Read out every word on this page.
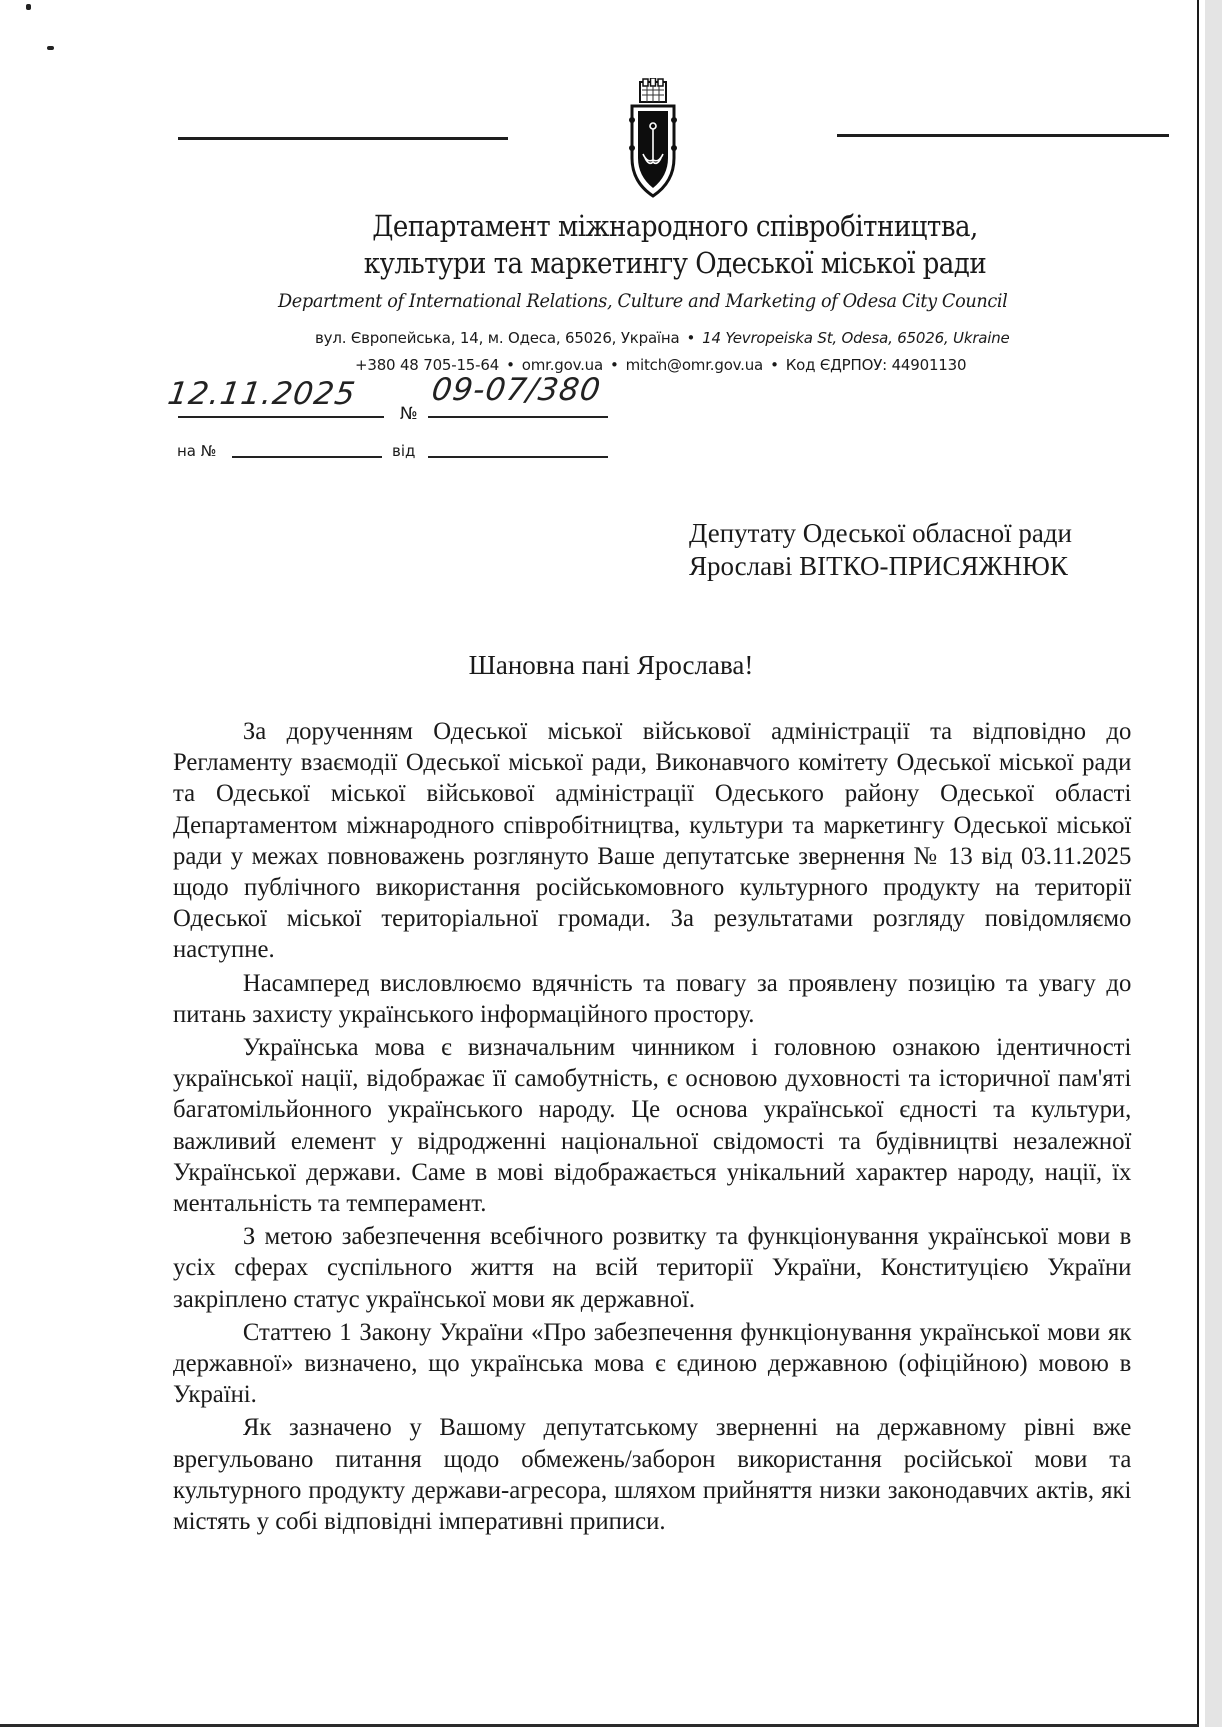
Департамент міжнародного співробітництва,
культури та маркетингу Одеської міської ради
Department of International Relations, Culture and Marketing of Odesa City Council
вул. Європейська, 14, м. Одеса, 65026, Україна • 14 Yevropeiska St, Odesa, 65026, Ukraine
+380 48 705-15-64 • omr.gov.ua • mitch@omr.gov.ua • Код ЄДРПОУ: 44901130
12.11.2025
№
09-07/380
на №	від
Депутату Одеської обласної ради
Ярославі ВІТКО-ПРИСЯЖНЮК
Шановна пані Ярослава!

За дорученням Одеської міської військової адміністрації та відповідно до Регламенту взаємодії Одеської міської ради, Виконавчого комітету Одеської міської ради та Одеської міської військової адміністрації Одеського району Одеської області Департаментом міжнародного співробітництва, культури та маркетингу Одеської міської ради у межах повноважень розглянуто Ваше депутатське звернення № 13 від 03.11.2025 щодо публічного використання російськомовного культурного продукту на території Одеської міської територіальної громади. За результатами розгляду повідомляємо наступне.

Насамперед висловлюємо вдячність та повагу за проявлену позицію та увагу до питань захисту українського інформаційного простору.

Українська мова є визначальним чинником і головною ознакою ідентичності української нації, відображає її самобутність, є основою духовності та історичної пам'яті багатомільйонного українського народу. Це основа української єдності та культури, важливий елемент у відродженні національної свідомості та будівництві незалежної Української держави. Саме в мові відображається унікальний характер народу, нації, їх ментальність та темперамент.

З метою забезпечення всебічного розвитку та функціонування української мови в усіх сферах суспільного життя на всій території України, Конституцією України закріплено статус української мови як державної.

Статтею 1 Закону України «Про забезпечення функціонування української мови як державної» визначено, що українська мова є єдиною державною (офіційною) мовою в Україні.

Як зазначено у Вашому депутатському зверненні на державному рівні вже врегульовано питання щодо обмежень/заборон використання російської мови та культурного продукту держави-агресора, шляхом прийняття низки законодавчих актів, які містять у собі відповідні імперативні приписи.
